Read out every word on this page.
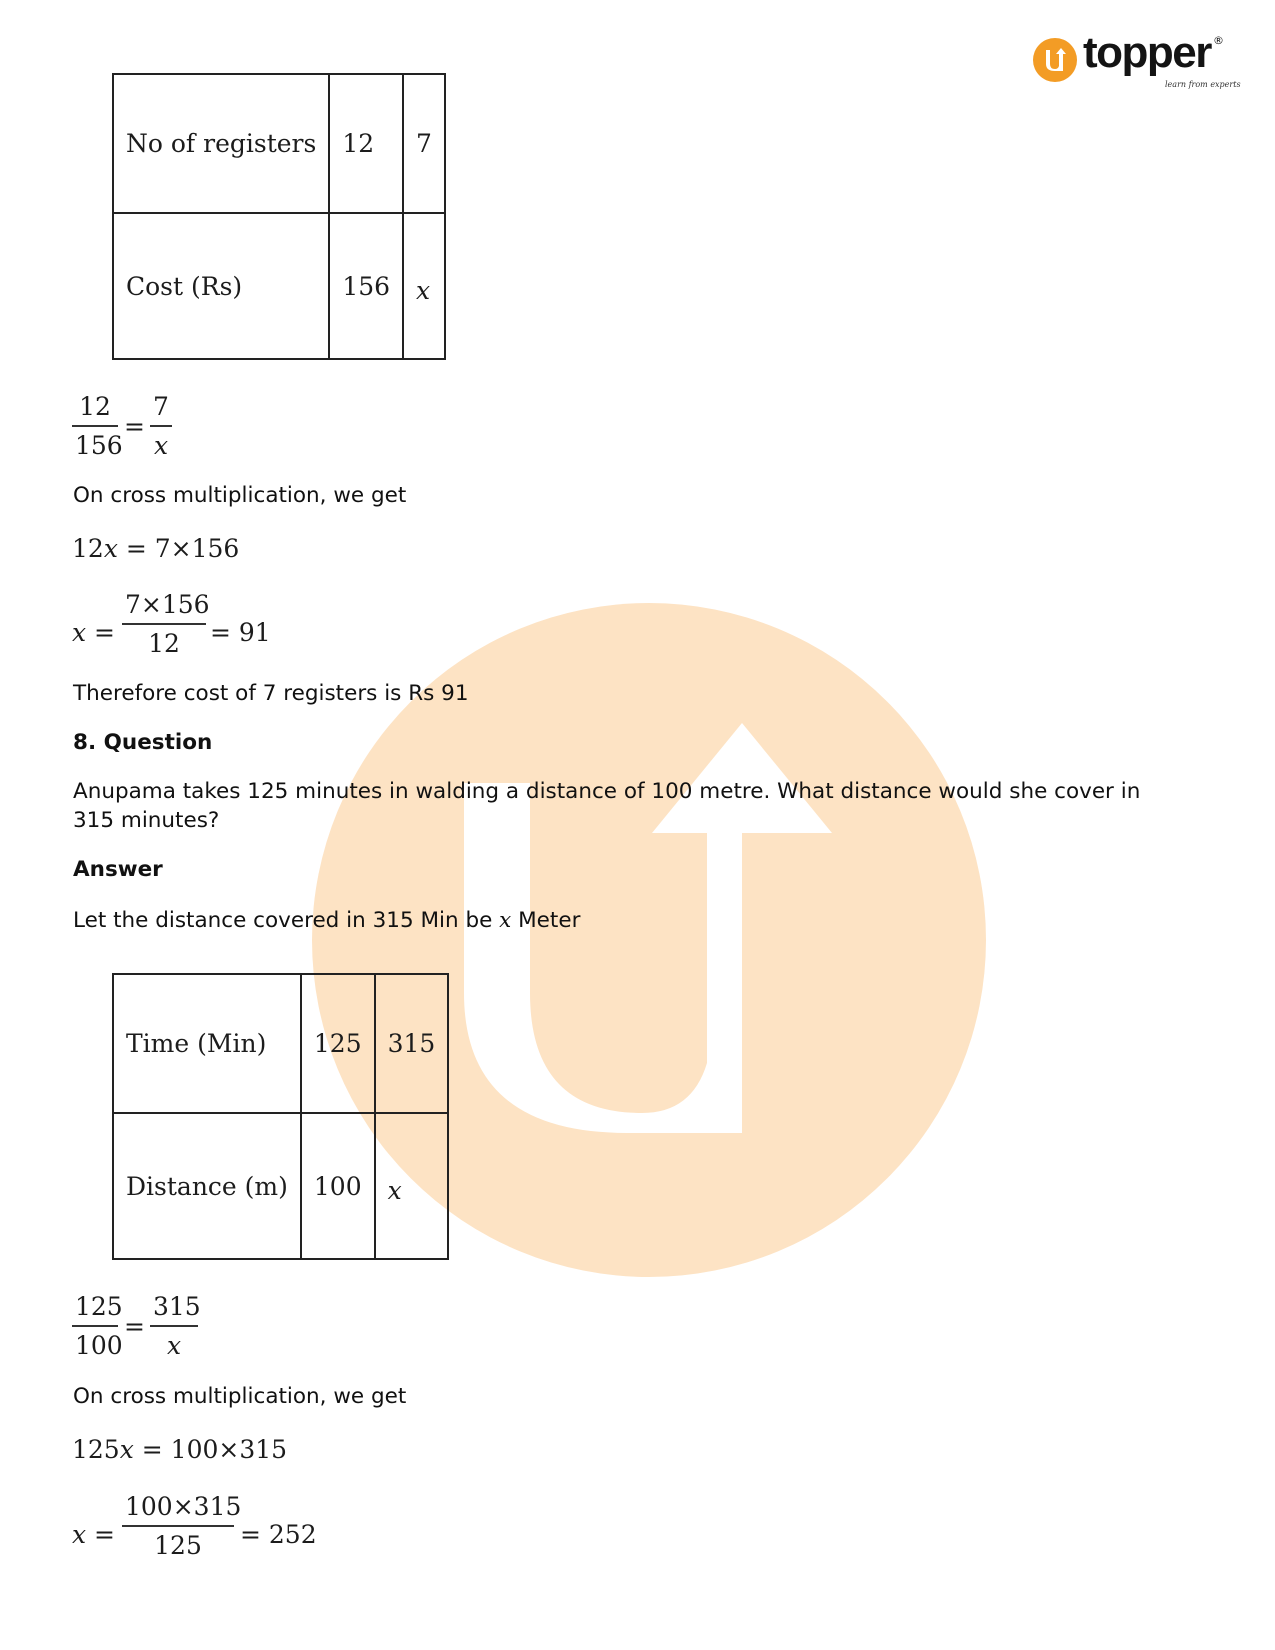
topper ®
learn from experts
No of registers	12	7
Cost (Rs)	156	x
12
156
=
7
x
On cross multiplication, we get
12x = 7×156
x =
7×156
12	= 91
Therefore cost of 7 registers is Rs 91
8. Question
Anupama takes 125 minutes in walding a distance of 100 metre. What distance would she cover in
315 minutes?
Answer
Let the distance covered in 315 Min be x Meter
Time (Min)	125	315
Distance (m)	100	x
125
100
=
315
x
On cross multiplication, we get
125x = 100×315
x =
100×315
125	= 252
